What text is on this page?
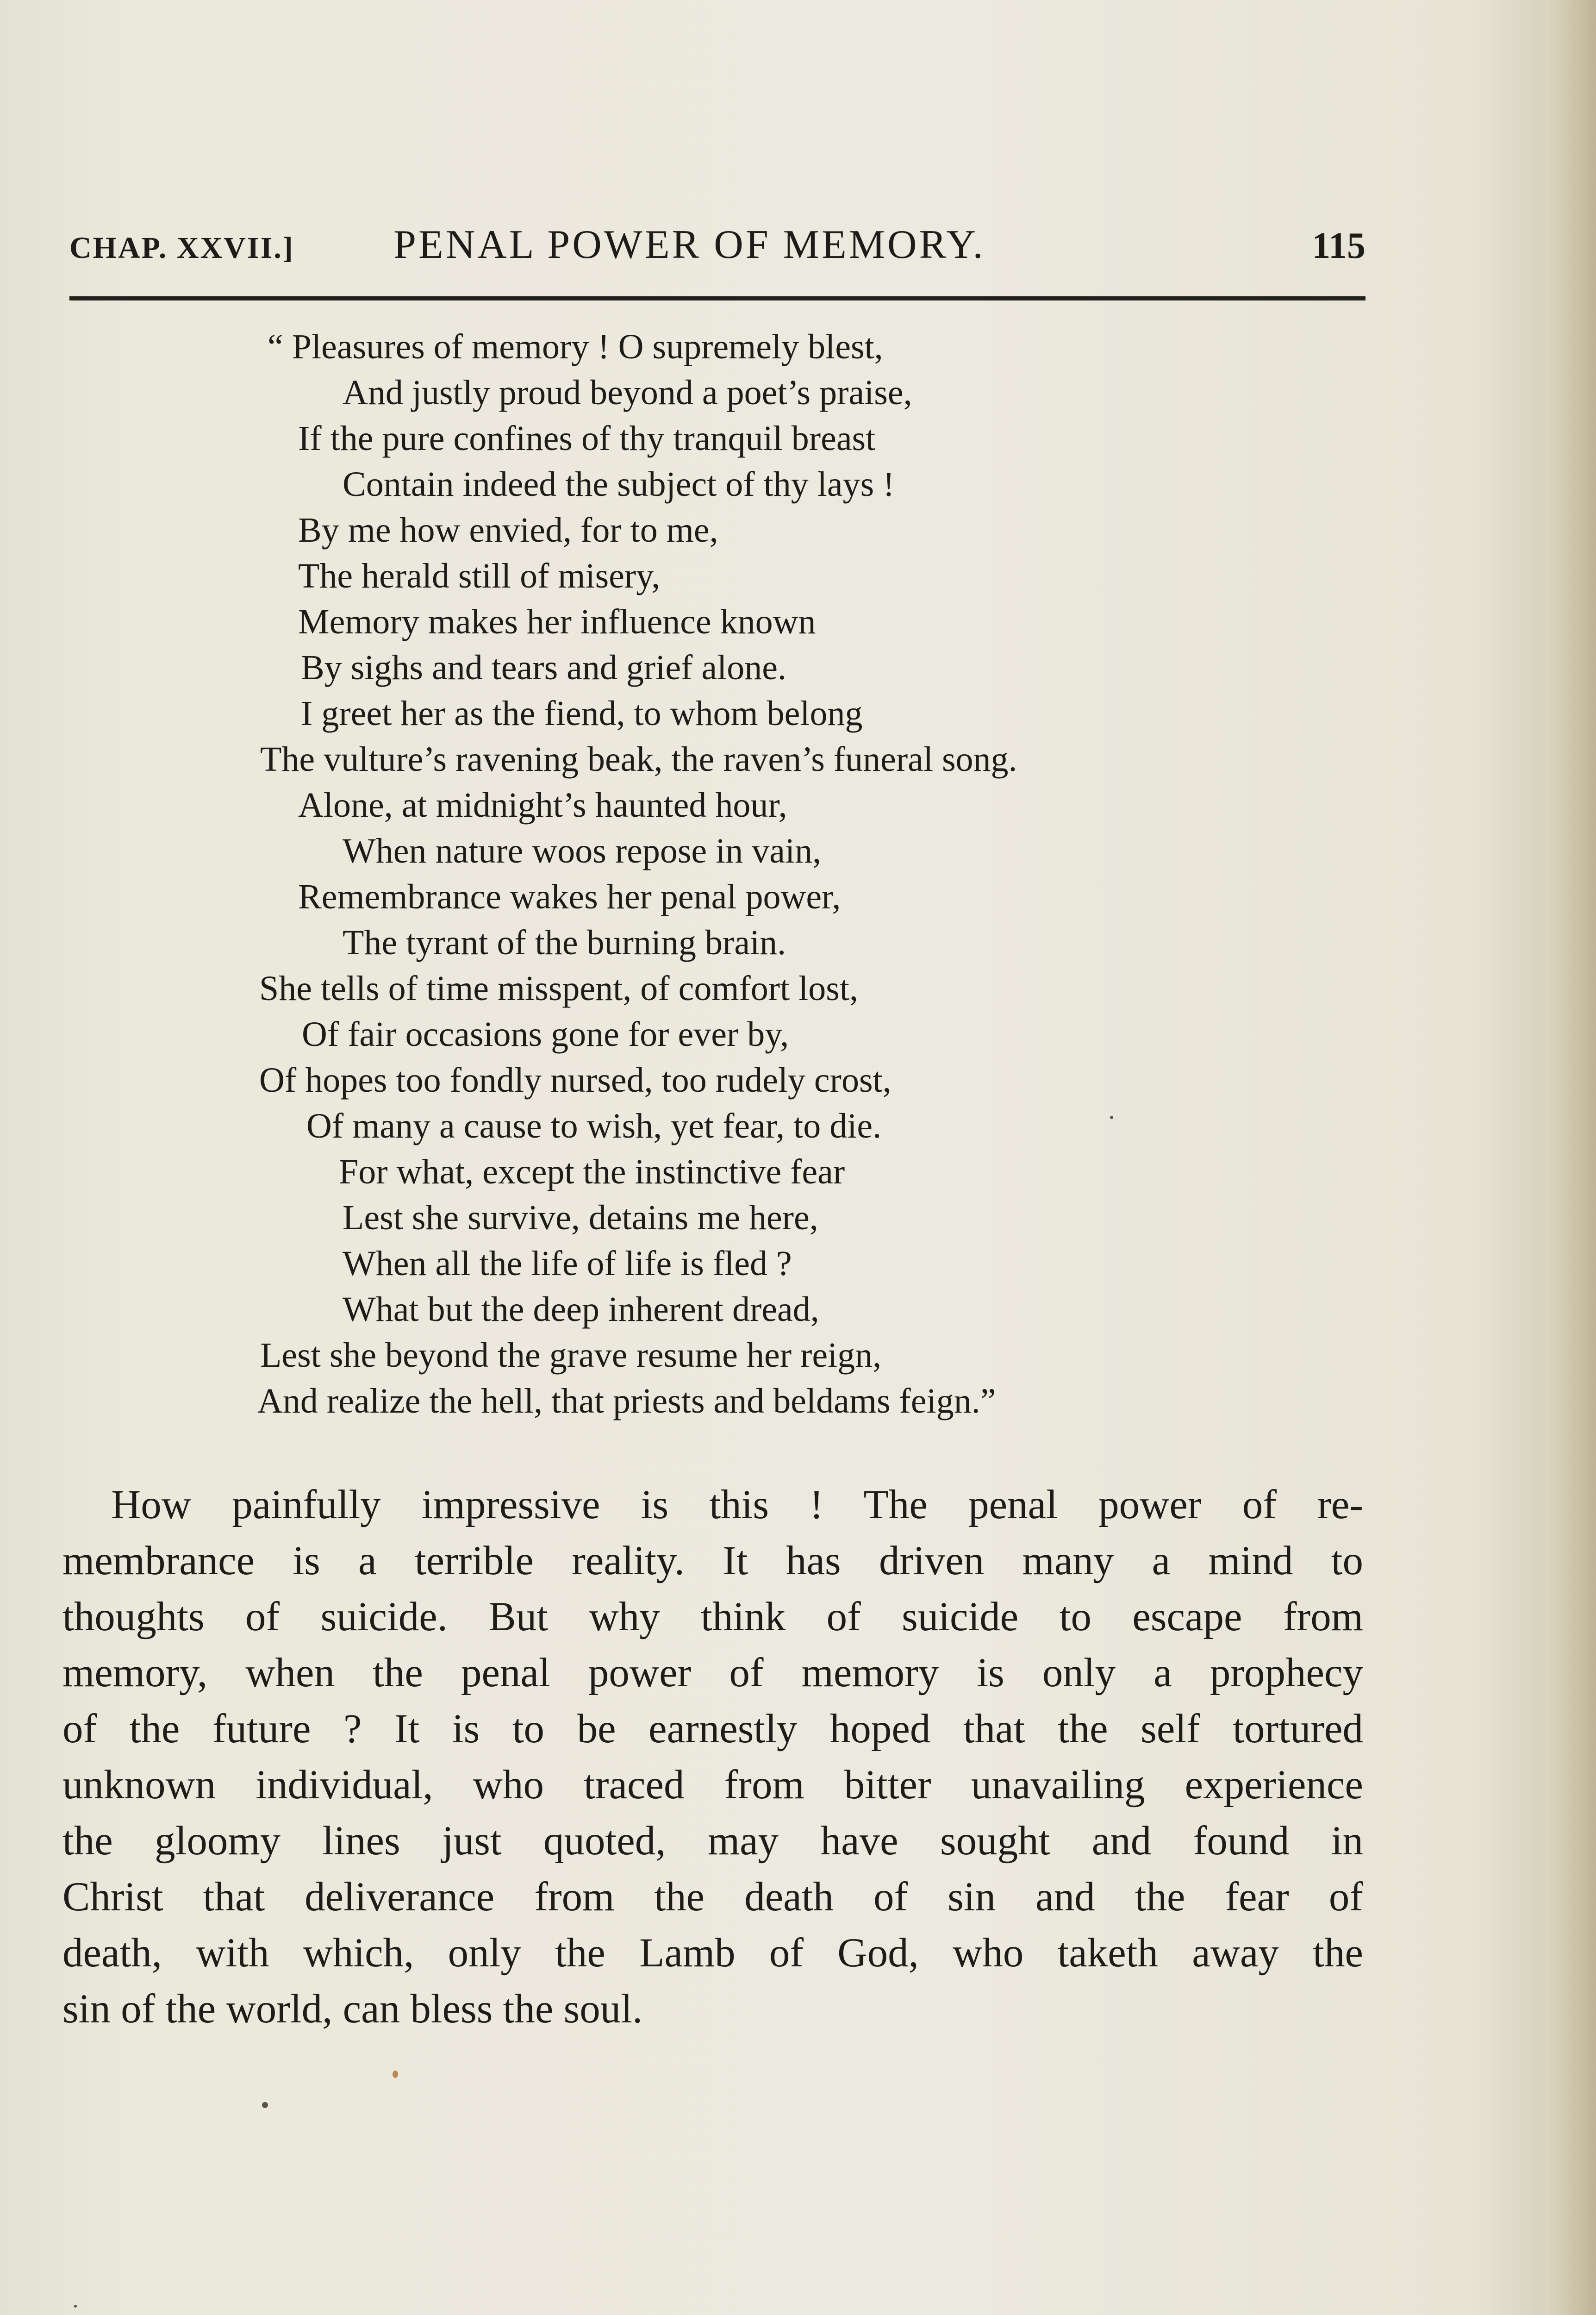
CHAP. XXVII.] PENAL POWER OF MEMORY.	115
“ Pleasures of memory ! O supremely blest,
And justly proud beyond a poet’s praise,
If the pure confines of thy tranquil breast
Contain indeed the subject of thy lays !
By me how envied, for to me,
The herald still of misery,
Memory makes her influence known
By sighs and tears and grief alone.
I greet her as the fiend, to whom belong
The vulture’s ravening beak, the raven’s funeral song.
Alone, at midnight’s haunted hour,
When nature woos repose in vain,
Remembrance wakes her penal power,
The tyrant of the burning brain.
She tells of time misspent, of comfort lost,
Of fair occasions gone for ever by,
Of hopes too fondly nursed, too rudely crost,
Of many a cause to wish, yet fear, to die.
For what, except the instinctive fear
Lest she survive, detains me here,
When all the life of life is fled ?
What but the deep inherent dread,
Lest she beyond the grave resume her reign,
And realize the hell, that priests and beldams feign.”
How painfully impressive is this ! The penal power of re-
membrance is a terrible reality. It has driven many a mind to
thoughts of suicide. But why think of suicide to escape from
memory, when the penal power of memory is only a prophecy
of the future ? It is to be earnestly hoped that the self tortured
unknown individual, who traced from bitter unavailing experience
the gloomy lines just quoted, may have sought and found in
Christ that deliverance from the death of sin and the fear of
death, with which, only the Lamb of God, who taketh away the
sin of the world, can bless the soul.
